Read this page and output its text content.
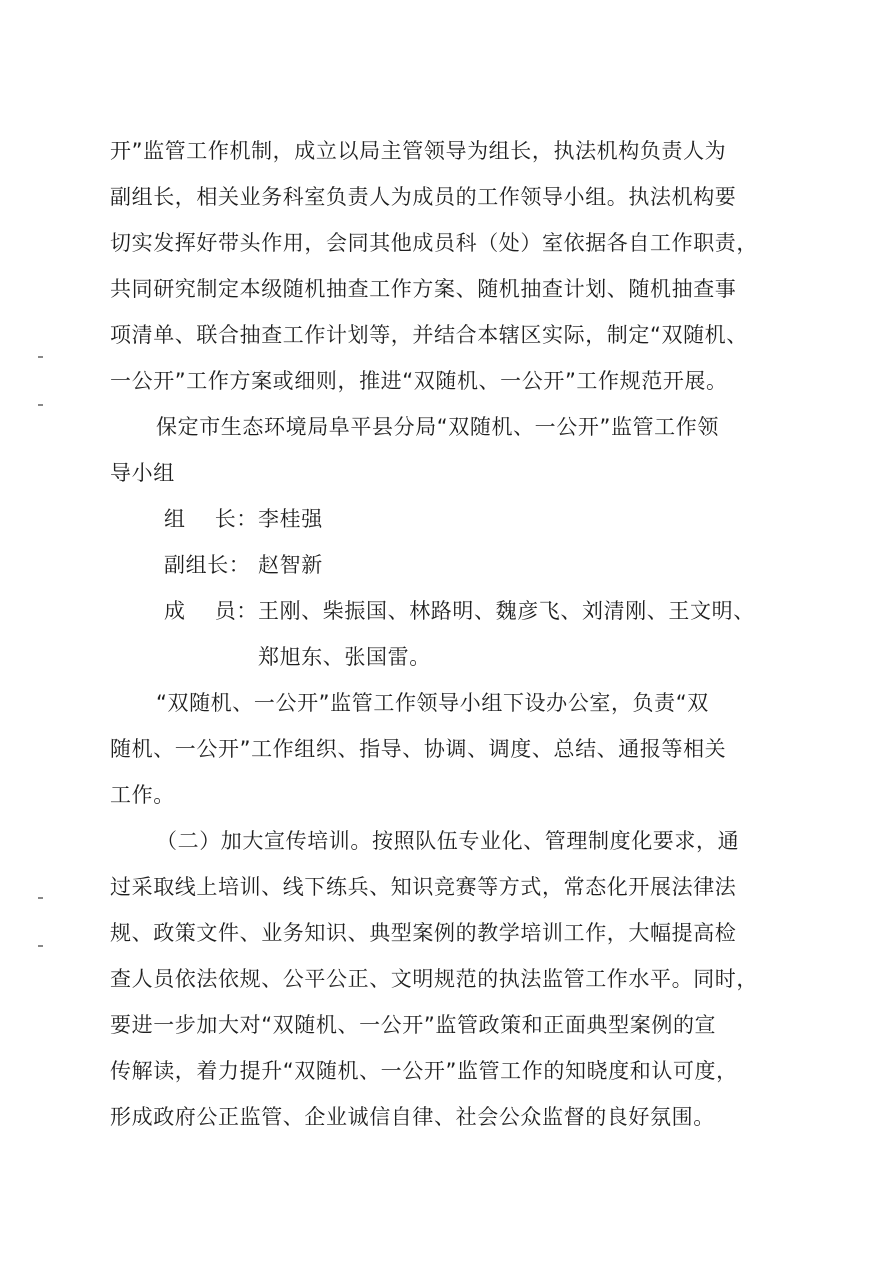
开”监管工作机制，成立以局主管领导为组长，执法机构负责人为
副组长，相关业务科室负责人为成员的工作领导小组。执法机构要
切实发挥好带头作用，会同其他成员科（处）室依据各自工作职责，
共同研究制定本级随机抽查工作方案、随机抽查计划、随机抽查事
项清单、联合抽查工作计划等，并结合本辖区实际，制定“双随机、
一公开”工作方案或细则，推进“双随机、一公开”工作规范开展。
保定市生态环境局阜平县分局“双随机、一公开”监管工作领
导小组
组    长： 李桂强
副组长： 赵智新
成    员： 王刚、柴振国、林路明、魏彦飞、刘清刚、王文明、
郑旭东、张国雷。
“双随机、一公开”监管工作领导小组下设办公室，负责“双
随机、一公开”工作组织、指导、协调、调度、总结、通报等相关
工作。
（二）加大宣传培训。按照队伍专业化、管理制度化要求，通
过采取线上培训、线下练兵、知识竞赛等方式，常态化开展法律法
规、政策文件、业务知识、典型案例的教学培训工作，大幅提高检
查人员依法依规、公平公正、文明规范的执法监管工作水平。同时，
要进一步加大对“双随机、一公开”监管政策和正面典型案例的宣
传解读，着力提升“双随机、一公开”监管工作的知晓度和认可度，
形成政府公正监管、企业诚信自律、社会公众监督的良好氛围。
